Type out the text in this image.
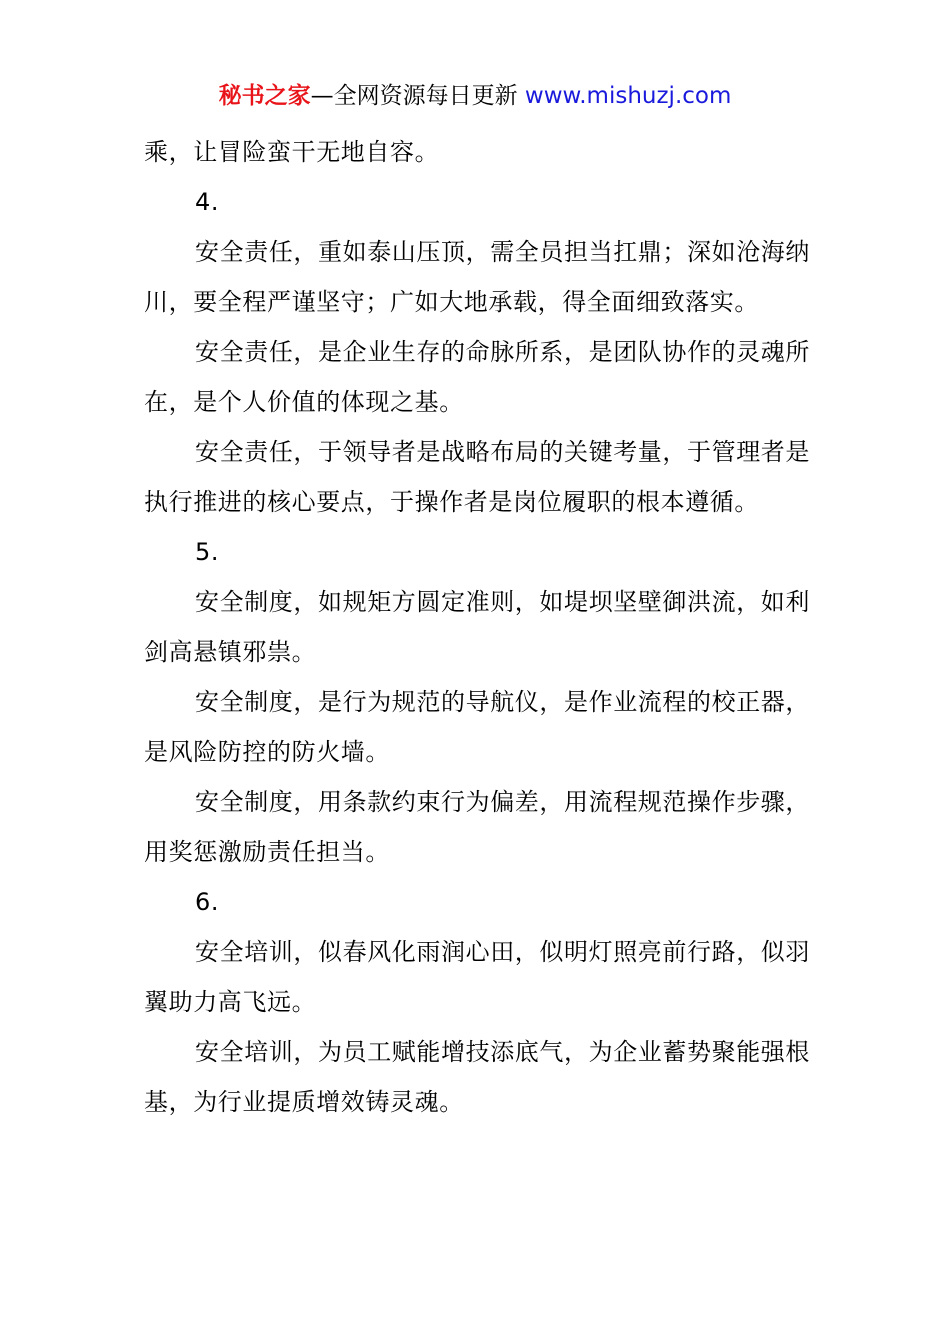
秘书之家—全网资源每日更新 www.mishuzj.com

乘，让冒险蛮干无地自容。

4.

安全责任，重如泰山压顶，需全员担当扛鼎；深如沧海纳川，要全程严谨坚守；广如大地承载，得全面细致落实。

安全责任，是企业生存的命脉所系，是团队协作的灵魂所在，是个人价值的体现之基。

安全责任，于领导者是战略布局的关键考量，于管理者是执行推进的核心要点，于操作者是岗位履职的根本遵循。

5.

安全制度，如规矩方圆定准则，如堤坝坚壁御洪流，如利剑高悬镇邪祟。

安全制度，是行为规范的导航仪，是作业流程的校正器，是风险防控的防火墙。

安全制度，用条款约束行为偏差，用流程规范操作步骤，用奖惩激励责任担当。

6.

安全培训，似春风化雨润心田，似明灯照亮前行路，似羽翼助力高飞远。

安全培训，为员工赋能增技添底气，为企业蓄势聚能强根基，为行业提质增效铸灵魂。
